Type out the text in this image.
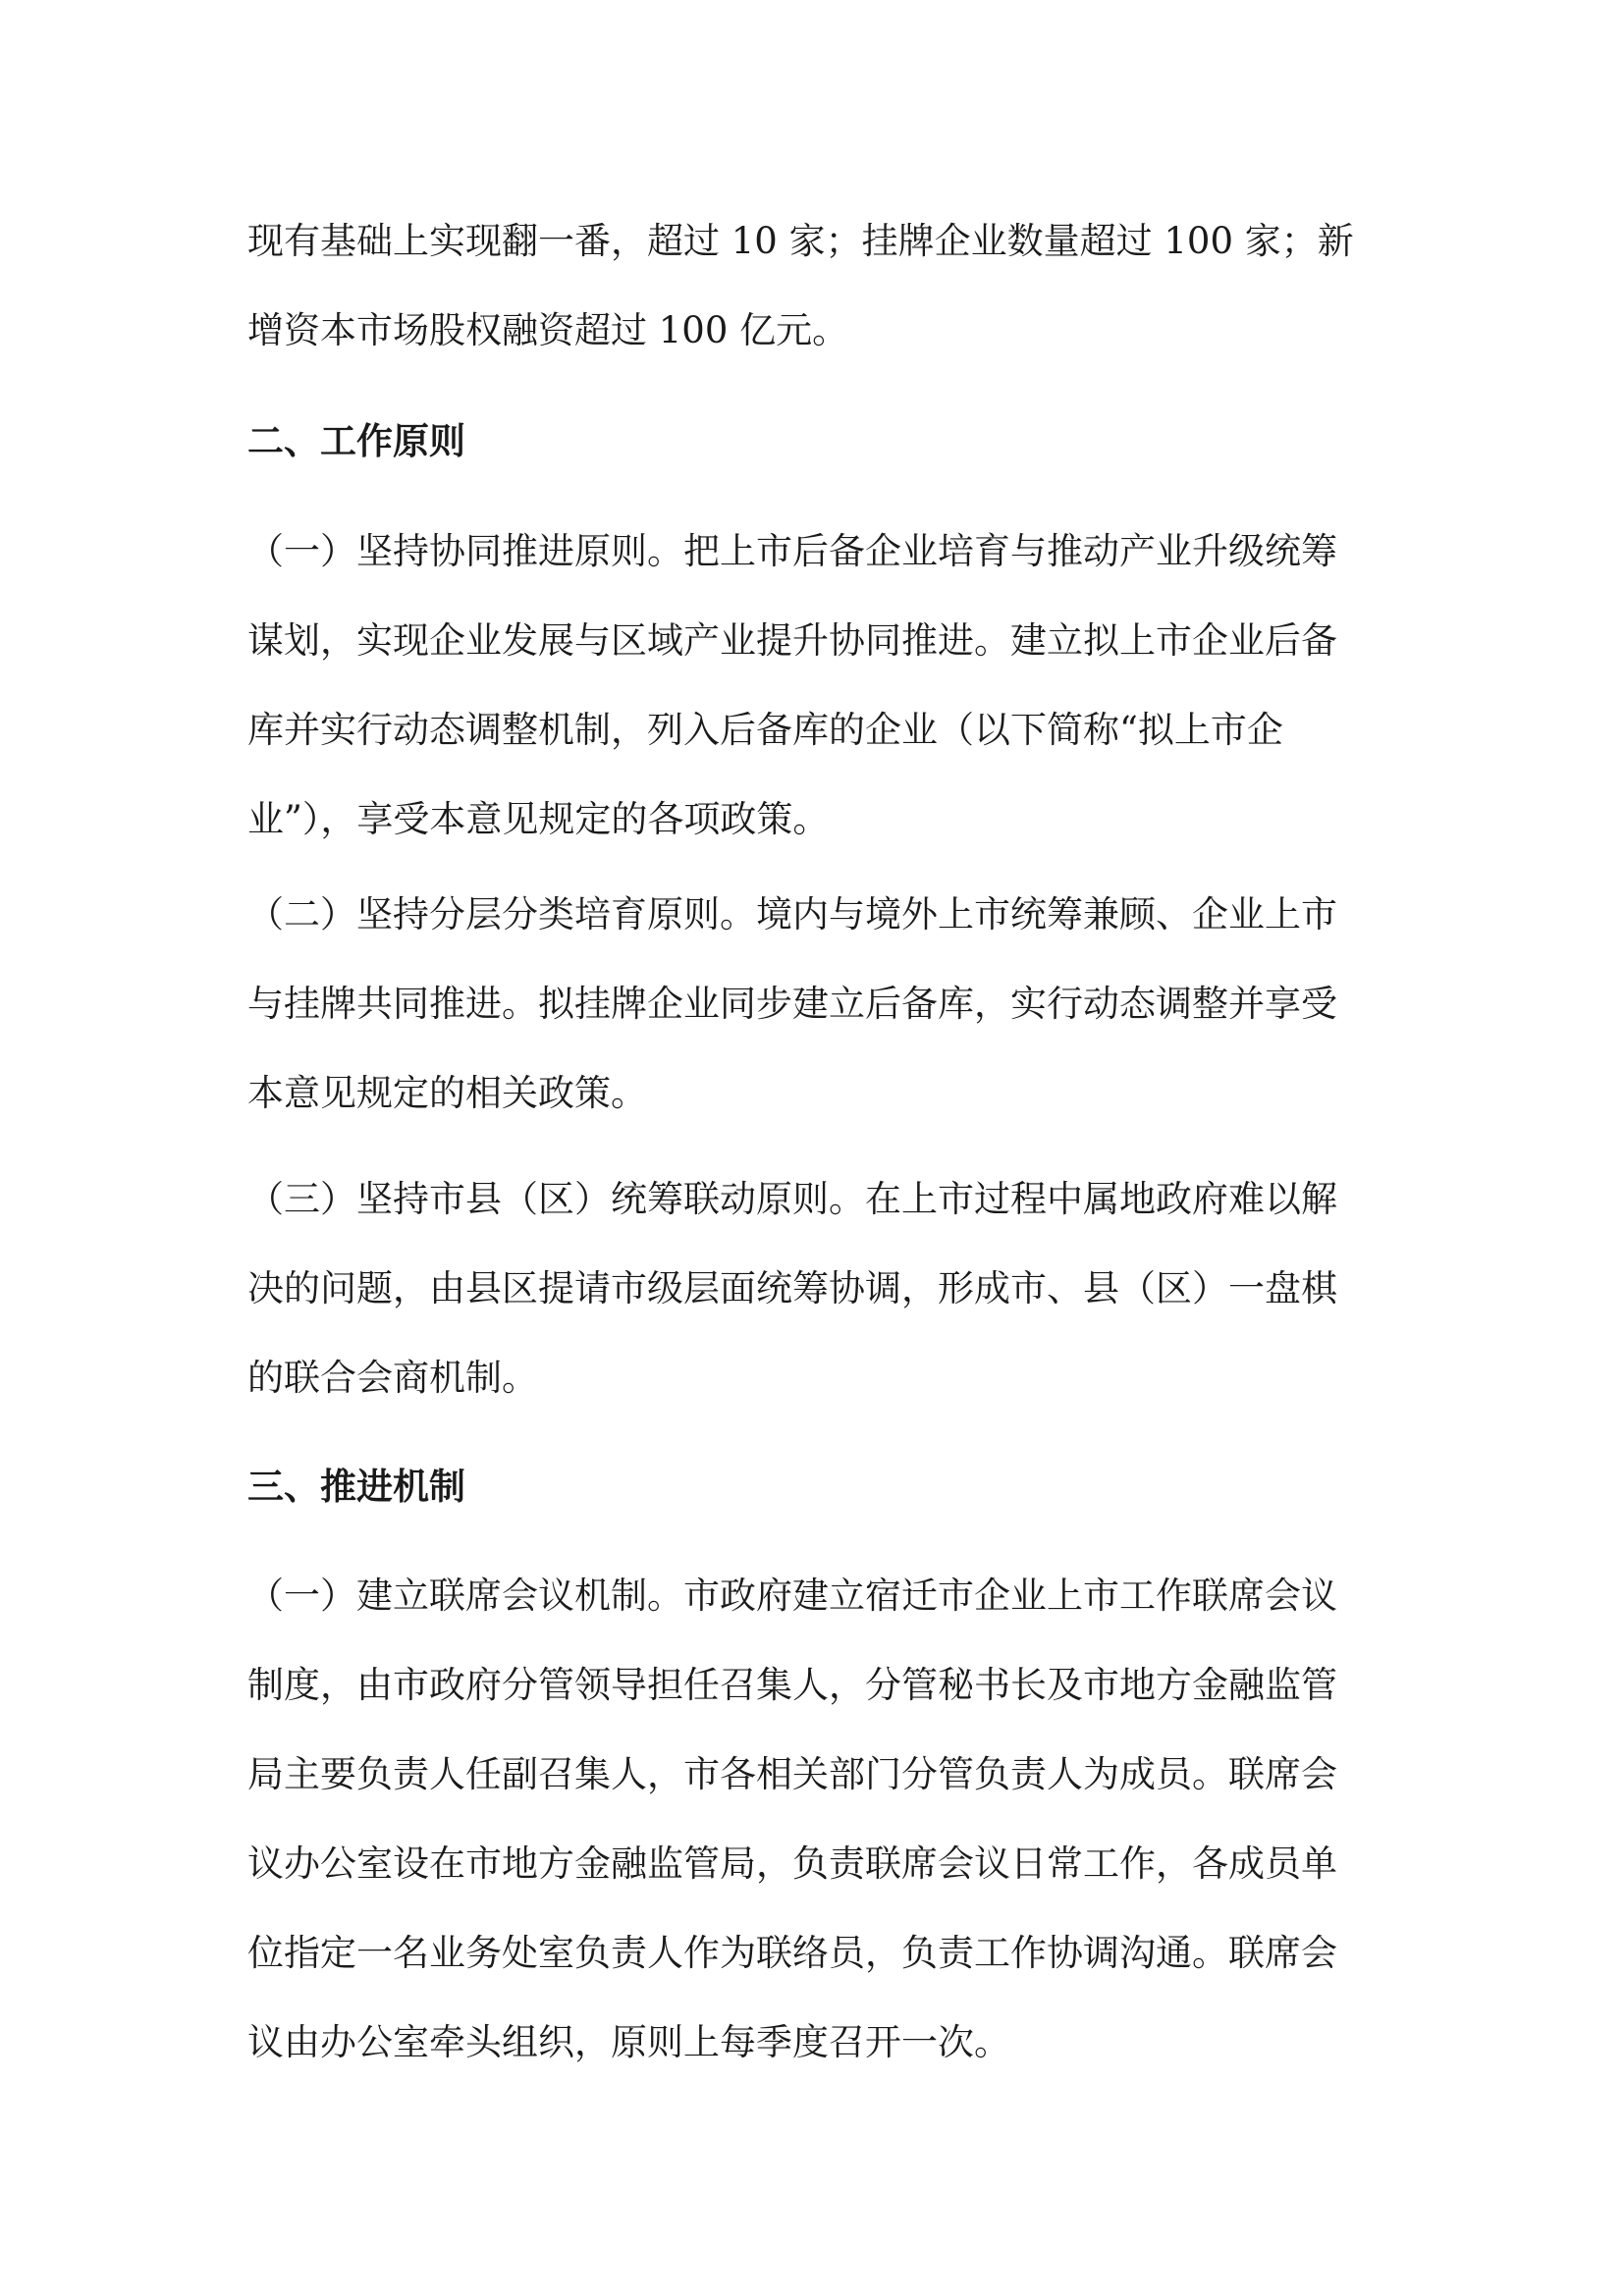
现有基础上实现翻一番，超过 10 家；挂牌企业数量超过 100 家；新
增资本市场股权融资超过 100 亿元。
二、工作原则
（一）坚持协同推进原则。把上市后备企业培育与推动产业升级统筹
谋划，实现企业发展与区域产业提升协同推进。建立拟上市企业后备
库并实行动态调整机制，列入后备库的企业（以下简称“拟上市企
业”），享受本意见规定的各项政策。
（二）坚持分层分类培育原则。境内与境外上市统筹兼顾、企业上市
与挂牌共同推进。拟挂牌企业同步建立后备库，实行动态调整并享受
本意见规定的相关政策。
（三）坚持市县（区）统筹联动原则。在上市过程中属地政府难以解
决的问题，由县区提请市级层面统筹协调，形成市、县（区）一盘棋
的联合会商机制。
三、推进机制
（一）建立联席会议机制。市政府建立宿迁市企业上市工作联席会议
制度，由市政府分管领导担任召集人，分管秘书长及市地方金融监管
局主要负责人任副召集人，市各相关部门分管负责人为成员。联席会
议办公室设在市地方金融监管局，负责联席会议日常工作，各成员单
位指定一名业务处室负责人作为联络员，负责工作协调沟通。联席会
议由办公室牵头组织，原则上每季度召开一次。
